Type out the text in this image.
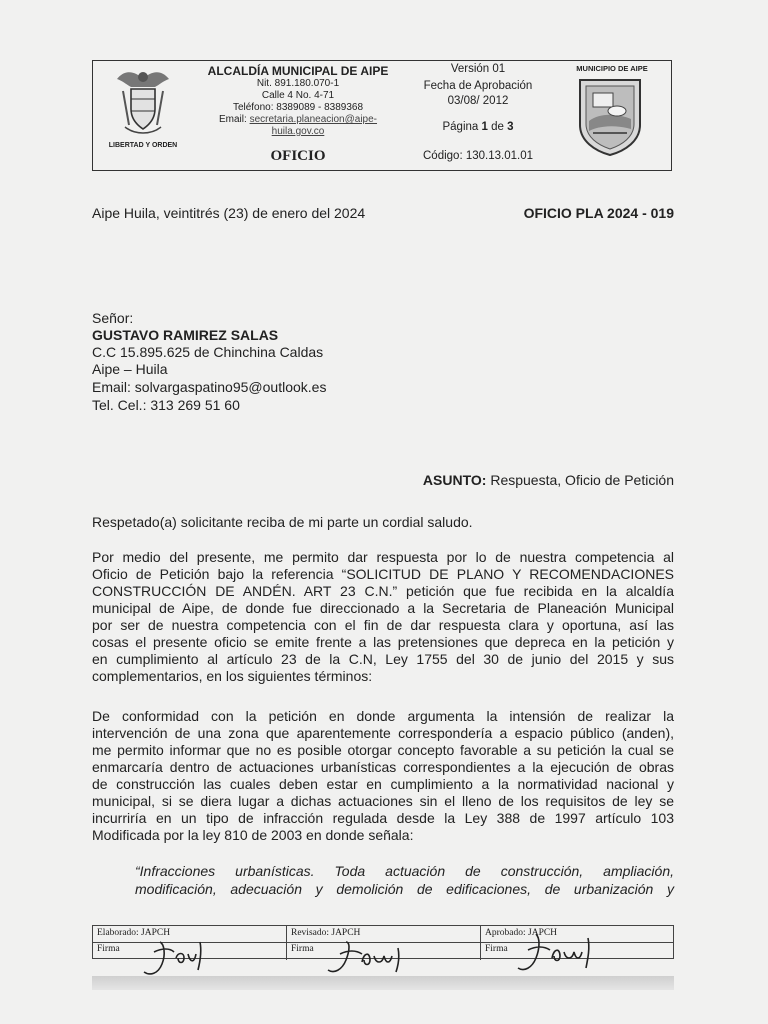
LIBERTAD Y ORDEN
ALCALDÍA MUNICIPAL DE AIPE
Nit. 891.180.070-1
Calle 4 No. 4-71
Teléfono: 8389089 - 8389368
Email: secretaria.planeacion@aipe-
huila.gov.co
OFICIO
Versión 01
Fecha de Aprobación
03/08/ 2012
Página 1 de 3
Código: 130.13.01.01
MUNICIPIO DE AIPE
Aipe Huila, veintitrés (23) de enero del 2024	OFICIO PLA 2024 - 019
Señor:
GUSTAVO RAMIREZ SALAS
C.C 15.895.625 de Chinchina Caldas
Aipe – Huila
Email: solvargaspatino95@outlook.es
Tel. Cel.: 313 269 51 60
ASUNTO: Respuesta, Oficio de Petición
Respetado(a) solicitante reciba de mi parte un cordial saludo.
Por medio del presente, me permito dar respuesta por lo de nuestra competencia al
Oficio de Petición bajo la referencia “SOLICITUD DE PLANO Y RECOMENDACIONES
CONSTRUCCIÓN DE ANDÉN. ART 23 C.N.” petición que fue recibida en la alcaldía
municipal de Aipe, de donde fue direccionado a la Secretaria de Planeación Municipal
por ser de nuestra competencia con el fin de dar respuesta clara y oportuna, así las
cosas el presente oficio se emite frente a las pretensiones que depreca en la petición y
en cumplimiento al artículo 23 de la C.N, Ley 1755 del 30 de junio del 2015 y sus
complementarios, en los siguientes términos:
De conformidad con la petición en donde argumenta la intensión de realizar la
intervención de una zona que aparentemente correspondería a espacio público (anden),
me permito informar que no es posible otorgar concepto favorable a su petición la cual se
enmarcaría dentro de actuaciones urbanísticas correspondientes a la ejecución de obras
de construcción las cuales deben estar en cumplimiento a la normatividad nacional y
municipal, si se diera lugar a dichas actuaciones sin el lleno de los requisitos de ley se
incurriría en un tipo de infracción regulada desde la Ley 388 de 1997 artículo 103
Modificada por la ley 810 de 2003 en donde señala:
“Infracciones urbanísticas. Toda actuación de construcción, ampliación,
modificación, adecuación y demolición de edificaciones, de urbanización y
Elaborado: JAPCH
Firma
Revisado: JAPCH
Firma
Aprobado: JAPCH
Firma
